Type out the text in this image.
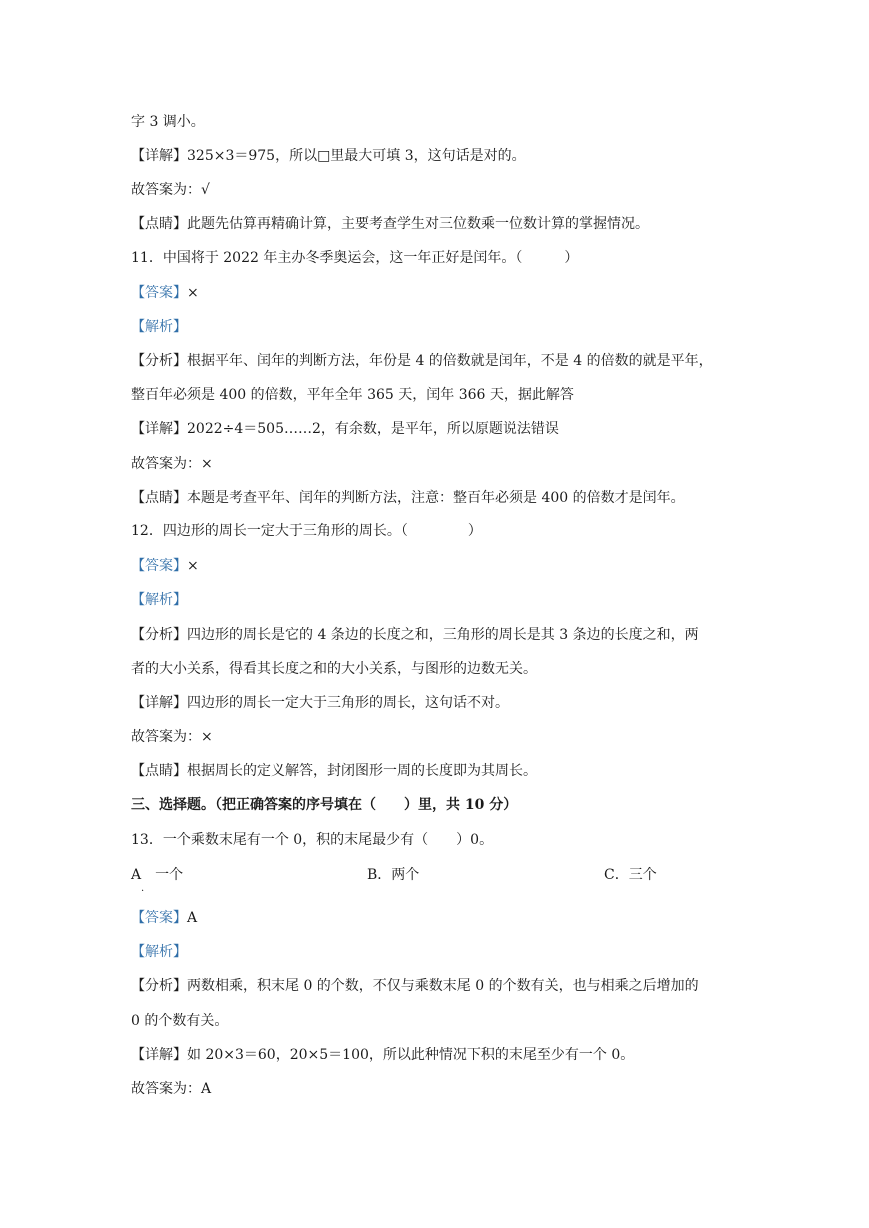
字 3 调小。
【详解】325×3＝975，所以□里最大可填 3，这句话是对的。
故答案为：√
【点睛】此题先估算再精确计算，主要考查学生对三位数乘一位数计算的掌握情况。
11．中国将于 2022 年主办冬季奥运会，这一年正好是闰年。（	）
【答案】×
【解析】
【分析】根据平年、闰年的判断方法，年份是 4 的倍数就是闰年，不是 4 的倍数的就是平年，
整百年必须是 400 的倍数，平年全年 365 天，闰年 366 天，据此解答
【详解】2022÷4＝505……2，有余数，是平年，所以原题说法错误
故答案为：×
【点睛】本题是考查平年、闰年的判断方法，注意：整百年必须是 400 的倍数才是闰年。
12．四边形的周长一定大于三角形的周长。（	）
【答案】×
【解析】
【分析】四边形的周长是它的 4 条边的长度之和，三角形的周长是其 3 条边的长度之和，两
者的大小关系，得看其长度之和的大小关系，与图形的边数无关。
【详解】四边形的周长一定大于三角形的周长，这句话不对。
故答案为：×
【点睛】根据周长的定义解答，封闭图形一周的长度即为其周长。
三、选择题。（把正确答案的序号填在（　　）里，共 10 分）
13．一个乘数末尾有一个 0，积的末尾最少有（　　）0。
A　一个
.
B．两个	C．三个
【答案】A
【解析】
【分析】两数相乘，积末尾 0 的个数，不仅与乘数末尾 0 的个数有关，也与相乘之后增加的
0 的个数有关。
【详解】如 20×3＝60，20×5＝100，所以此种情况下积的末尾至少有一个 0。
故答案为：A
